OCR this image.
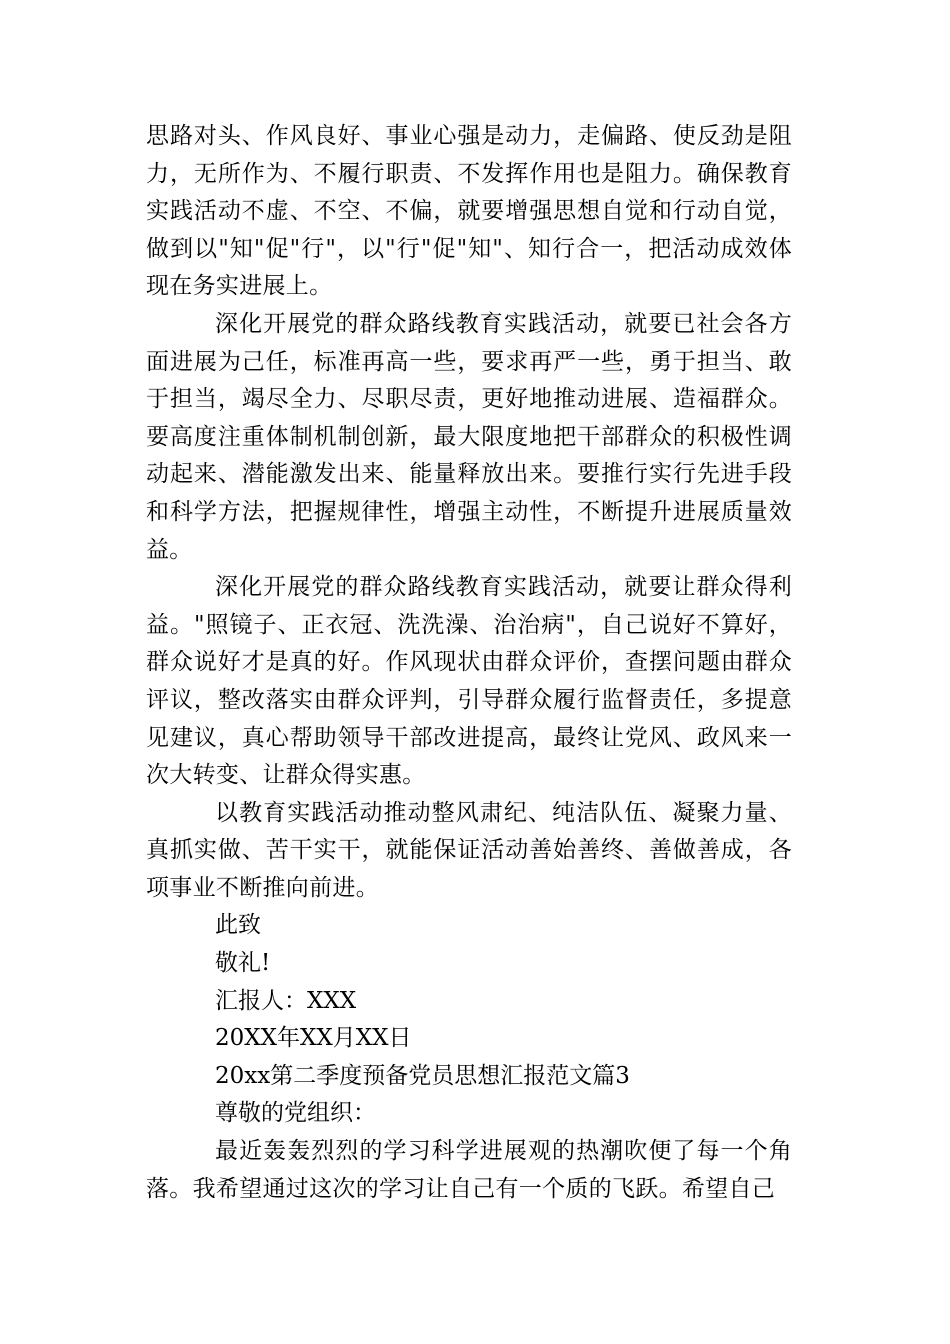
思路对头、作风良好、事业心强是动力，走偏路、使反劲是阻力，无所作为、不履行职责、不发挥作用也是阻力。确保教育实践活动不虚、不空、不偏，就要增强思想自觉和行动自觉，做到以"知"促"行"，以"行"促"知"、知行合一，把活动成效体现在务实进展上。

深化开展党的群众路线教育实践活动，就要已社会各方面进展为己任，标准再高一些，要求再严一些，勇于担当、敢于担当，竭尽全力、尽职尽责，更好地推动进展、造福群众。要高度注重体制机制创新，最大限度地把干部群众的积极性调动起来、潜能激发出来、能量释放出来。要推行实行先进手段和科学方法，把握规律性，增强主动性，不断提升进展质量效益。

深化开展党的群众路线教育实践活动，就要让群众得利益。"照镜子、正衣冠、洗洗澡、治治病"，自己说好不算好，群众说好才是真的好。作风现状由群众评价，查摆问题由群众评议，整改落实由群众评判，引导群众履行监督责任，多提意见建议，真心帮助领导干部改进提高，最终让党风、政风来一次大转变、让群众得实惠。

以教育实践活动推动整风肃纪、纯洁队伍、凝聚力量、真抓实做、苦干实干，就能保证活动善始善终、善做善成，各项事业不断推向前进。

此致

敬礼!

汇报人：XXX

20XX年XX月XX日

20xx第二季度预备党员思想汇报范文篇3

尊敬的党组织：

最近轰轰烈烈的学习科学进展观的热潮吹便了每一个角落。我希望通过这次的学习让自己有一个质的飞跃。希望自己
